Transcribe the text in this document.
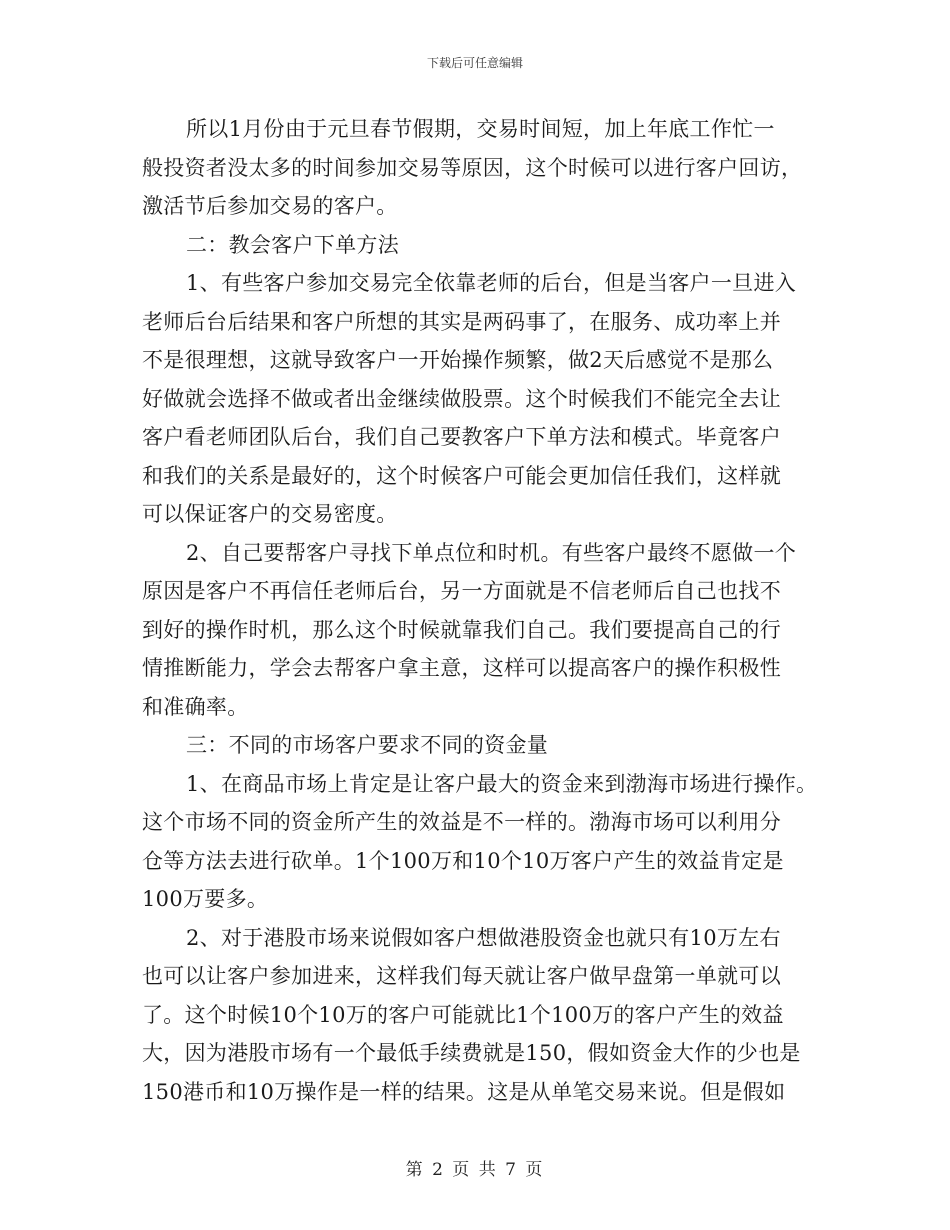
下载后可任意编辑
所以1月份由于元旦春节假期，交易时间短，加上年底工作忙一
般投资者没太多的时间参加交易等原因，这个时候可以进行客户回访，
激活节后参加交易的客户。
二：教会客户下单方法
1、有些客户参加交易完全依靠老师的后台，但是当客户一旦进入
老师后台后结果和客户所想的其实是两码事了，在服务、成功率上并
不是很理想，这就导致客户一开始操作频繁，做2天后感觉不是那么
好做就会选择不做或者出金继续做股票。这个时候我们不能完全去让
客户看老师团队后台，我们自己要教客户下单方法和模式。毕竟客户
和我们的关系是最好的，这个时候客户可能会更加信任我们，这样就
可以保证客户的交易密度。
2、自己要帮客户寻找下单点位和时机。有些客户最终不愿做一个
原因是客户不再信任老师后台，另一方面就是不信老师后自己也找不
到好的操作时机，那么这个时候就靠我们自己。我们要提高自己的行
情推断能力，学会去帮客户拿主意，这样可以提高客户的操作积极性
和准确率。
三：不同的市场客户要求不同的资金量
1、在商品市场上肯定是让客户最大的资金来到渤海市场进行操作。
这个市场不同的资金所产生的效益是不一样的。渤海市场可以利用分
仓等方法去进行砍单。1个100万和10个10万客户产生的效益肯定是
100万要多。
2、对于港股市场来说假如客户想做港股资金也就只有10万左右
也可以让客户参加进来，这样我们每天就让客户做早盘第一单就可以
了。这个时候10个10万的客户可能就比1个100万的客户产生的效益
大，因为港股市场有一个最低手续费就是150，假如资金大作的少也是
150港币和10万操作是一样的结果。这是从单笔交易来说。但是假如
第 2 页 共 7 页
